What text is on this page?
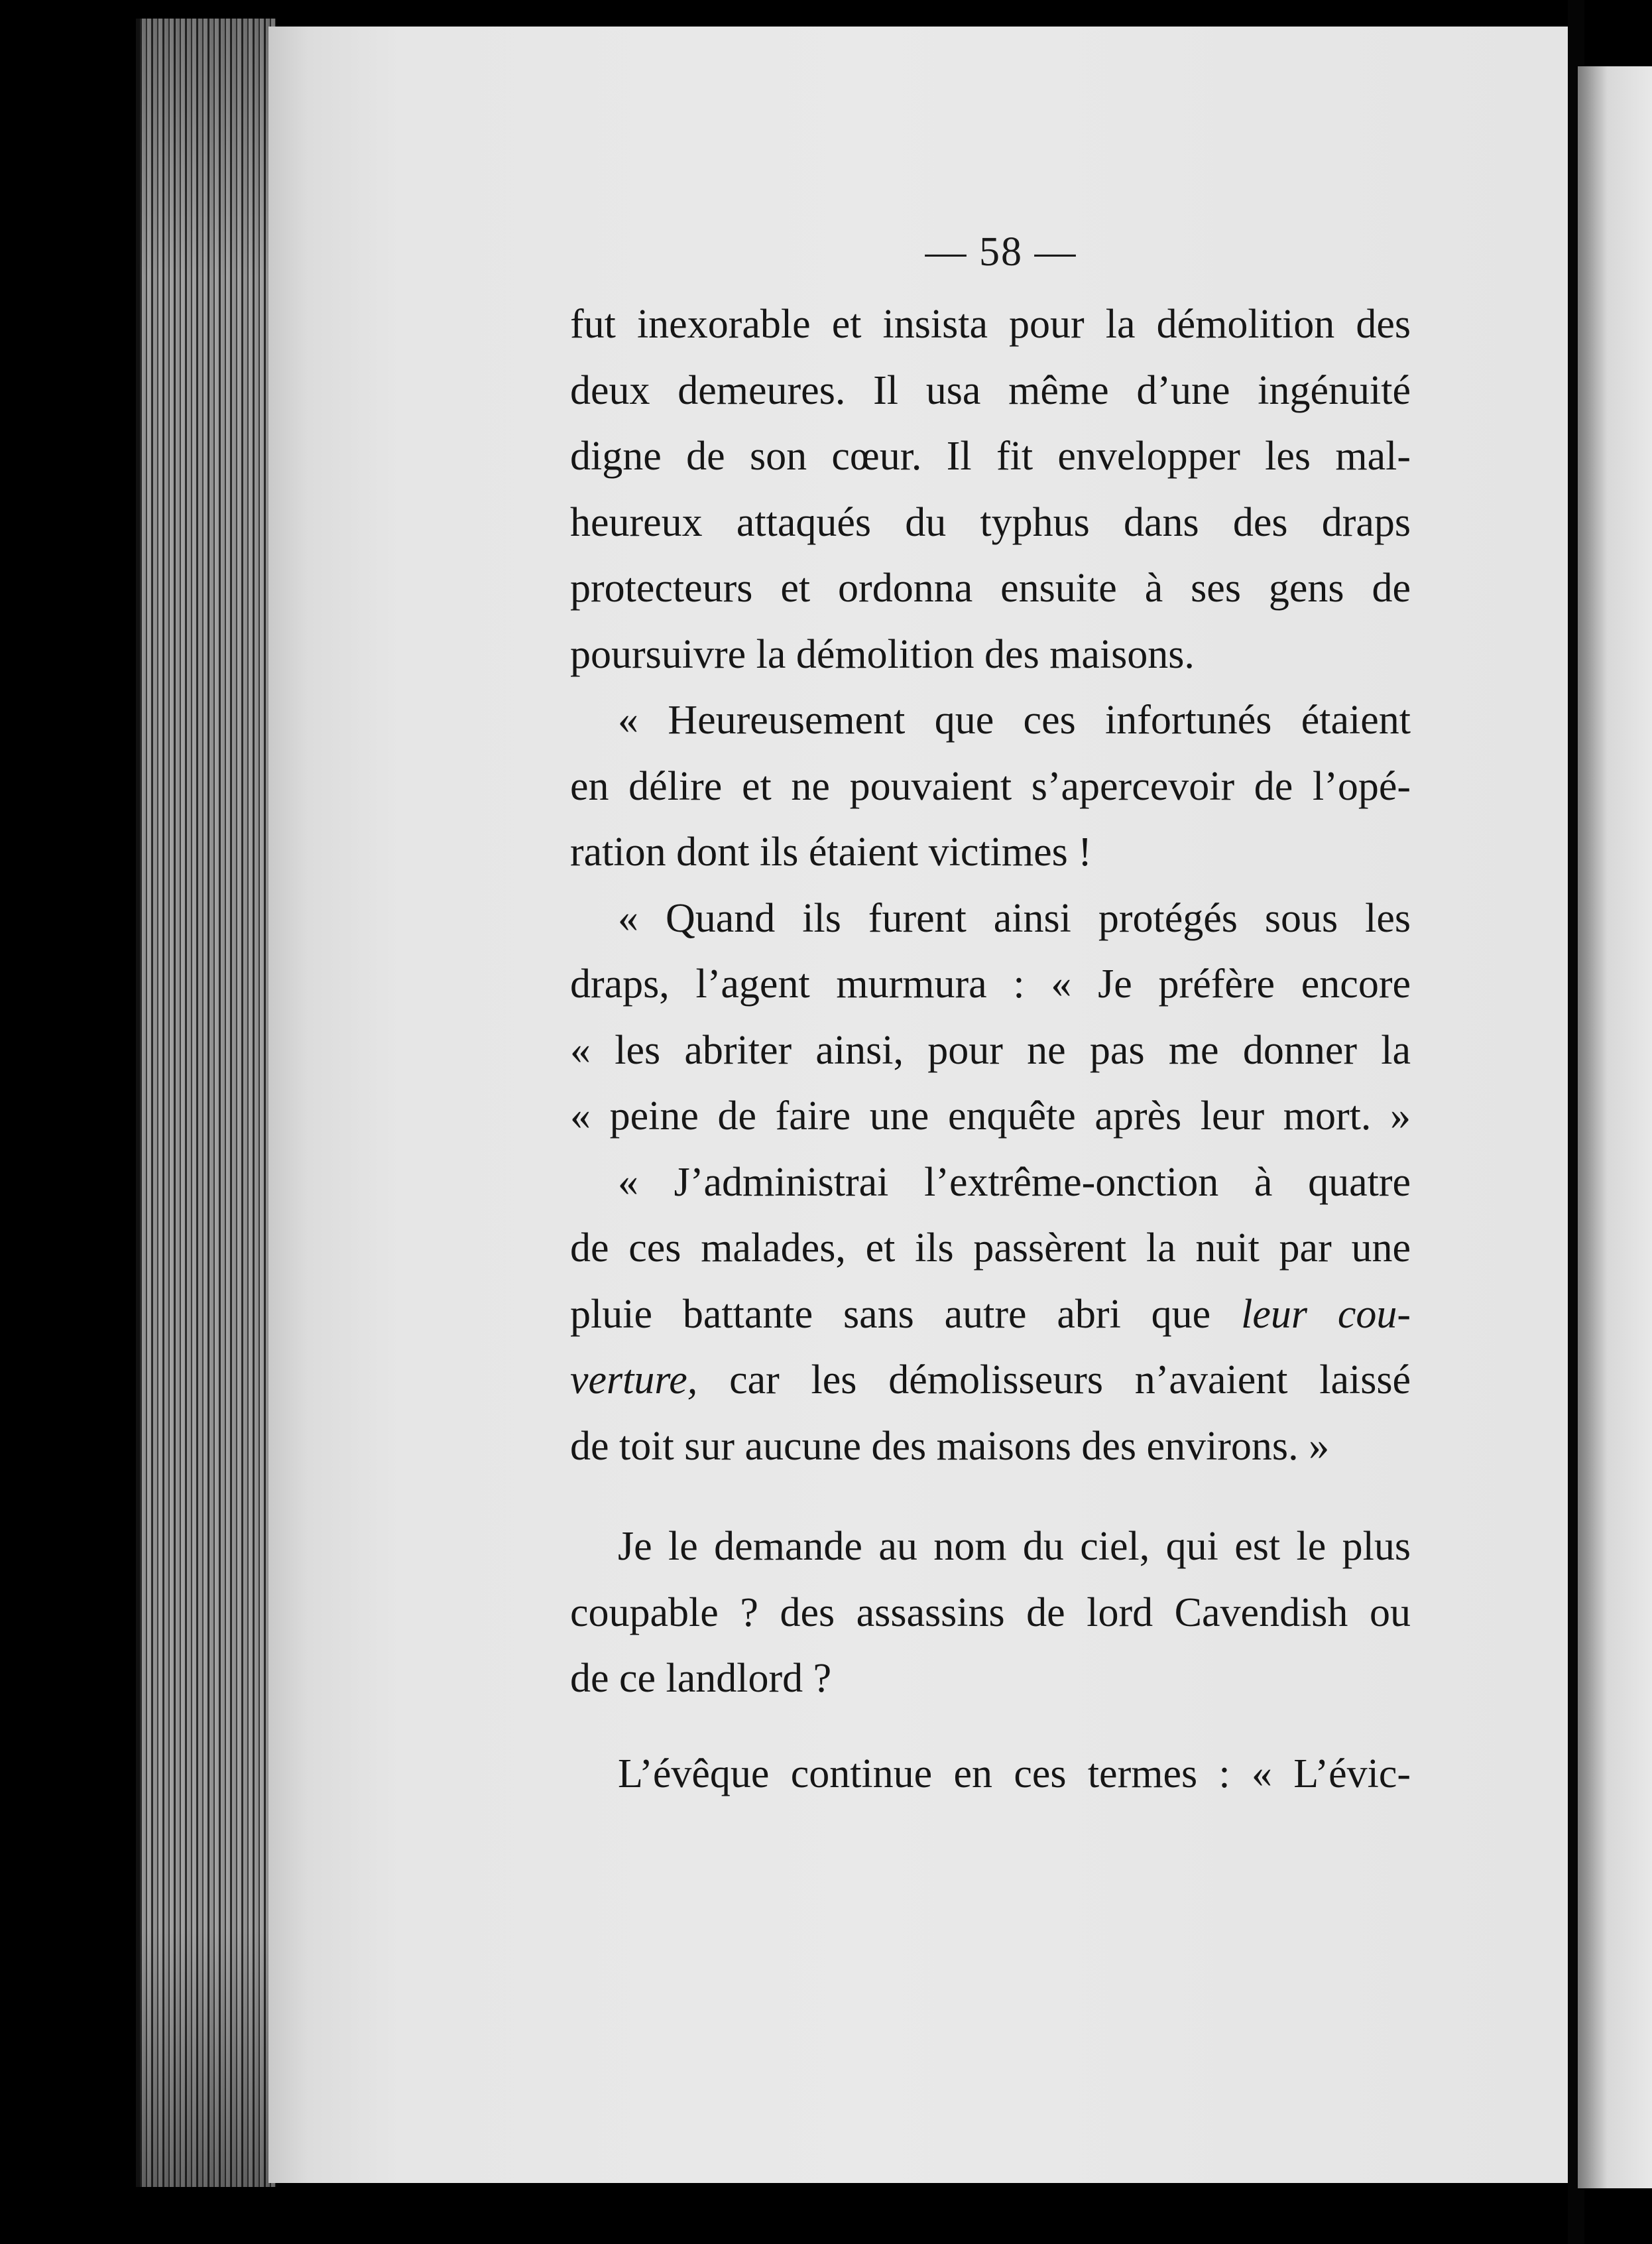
— 58 —
fut inexorable et insista pour la démolition des
deux demeures. Il usa même d’une ingénuité
digne de son cœur. Il fit envelopper les mal-
heureux attaqués du typhus dans des draps
protecteurs et ordonna ensuite à ses gens de
poursuivre la démolition des maisons.
« Heureusement que ces infortunés étaient
en délire et ne pouvaient s’apercevoir de l’opé-
ration dont ils étaient victimes !
« Quand ils furent ainsi protégés sous les
draps, l’agent murmura : « Je préfère encore
« les abriter ainsi, pour ne pas me donner la
« peine de faire une enquête après leur mort. »
« J’administrai l’extrême-onction à quatre
de ces malades, et ils passèrent la nuit par une
pluie battante sans autre abri que leur cou-
verture, car les démolisseurs n’avaient laissé
de toit sur aucune des maisons des environs. »
Je le demande au nom du ciel, qui est le plus
coupable ? des assassins de lord Cavendish ou
de ce landlord ?
L’évêque continue en ces termes : « L’évic-
